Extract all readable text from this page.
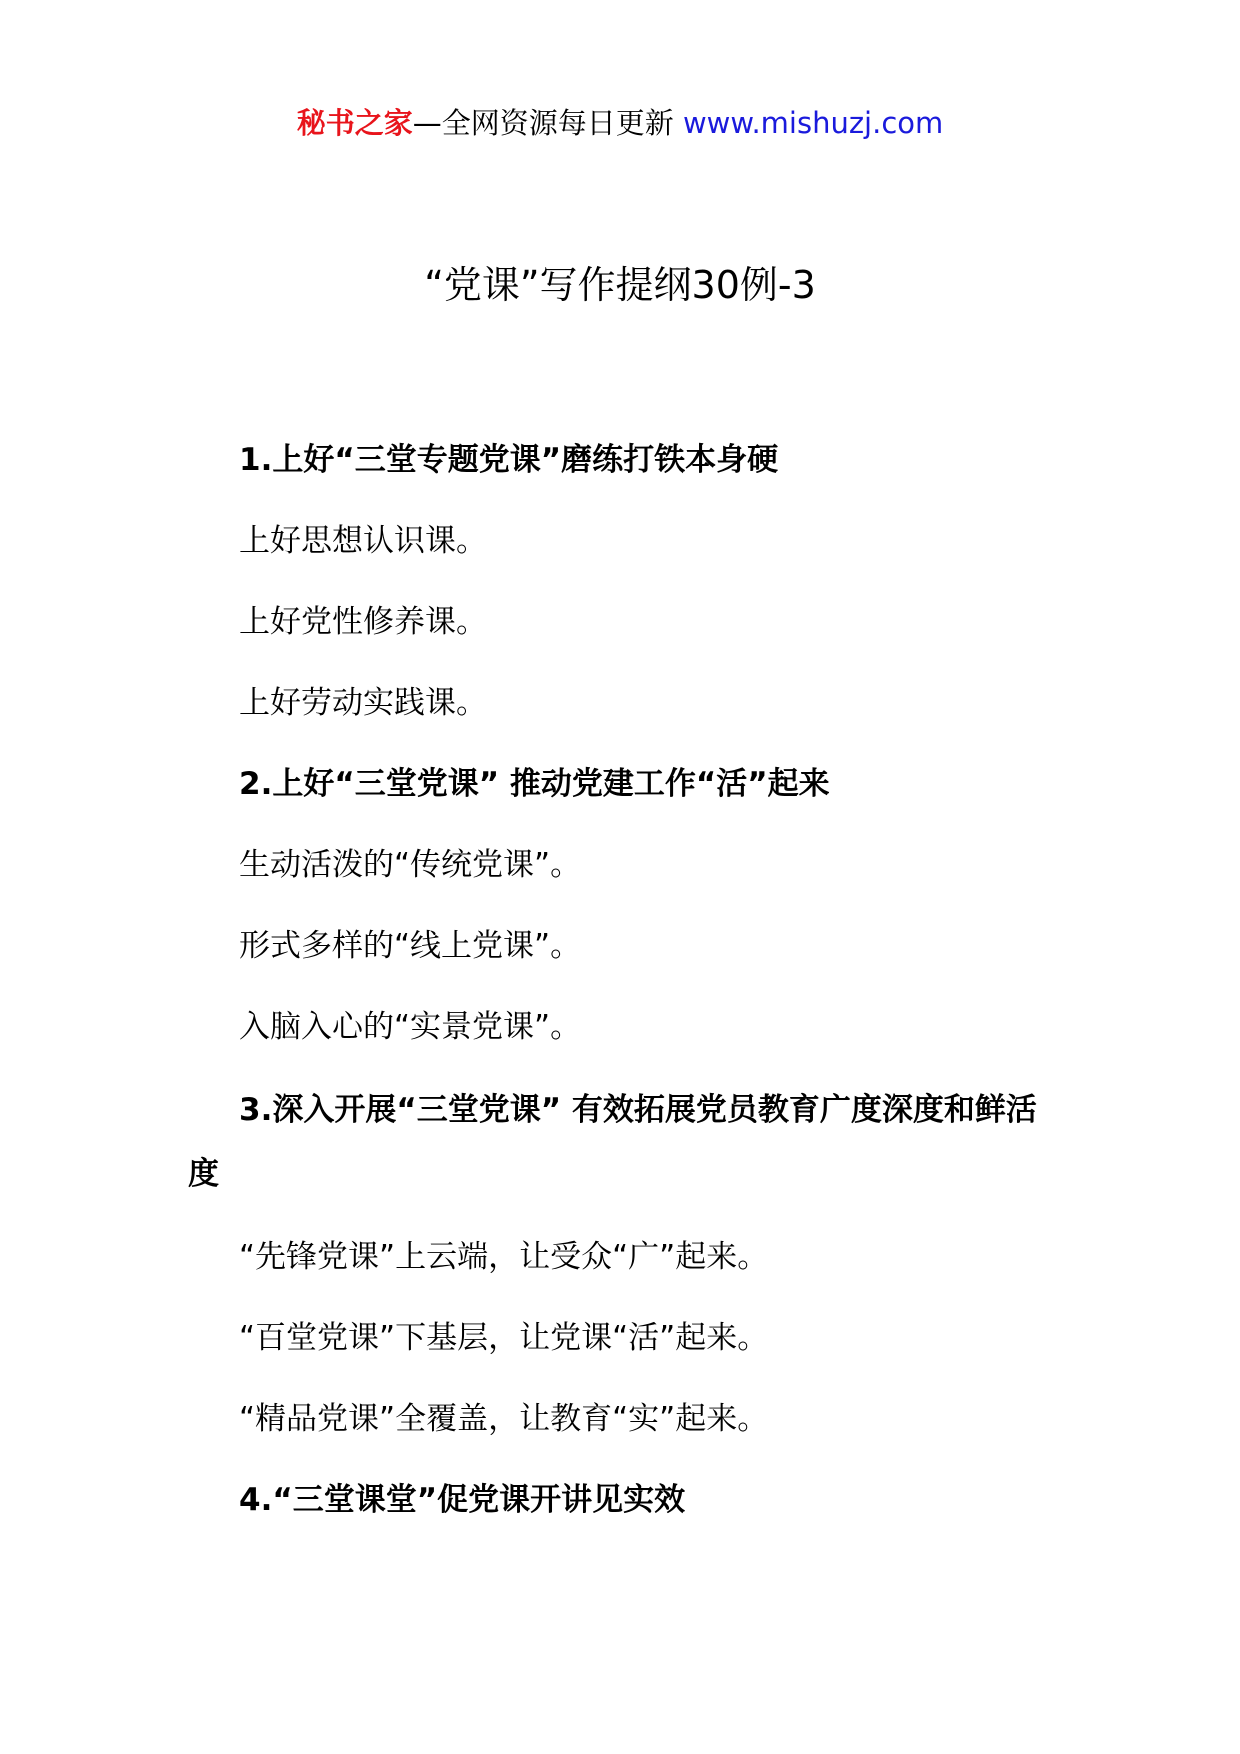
秘书之家—全网资源每日更新 www.mishuzj.com
“党课”写作提纲30例-3
1.上好“三堂专题党课”磨练打铁本身硬
上好思想认识课。
上好党性修养课。
上好劳动实践课。
2.上好“三堂党课” 推动党建工作“活”起来
生动活泼的“传统党课”。
形式多样的“线上党课”。
入脑入心的“实景党课”。
3.深入开展“三堂党课” 有效拓展党员教育广度深度和鲜活度
“先锋党课”上云端，让受众“广”起来。
“百堂党课”下基层，让党课“活”起来。
“精品党课”全覆盖，让教育“实”起来。
4.“三堂课堂”促党课开讲见实效
